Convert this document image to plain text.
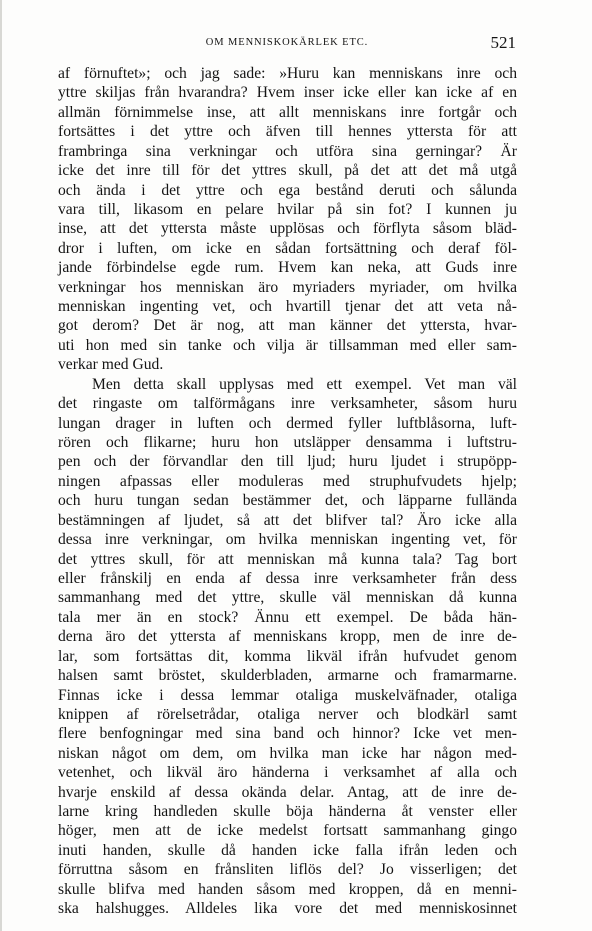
OM MENNISKOKÄRLEK ETC.	521
af förnuftet»; och jag sade: »Huru kan menniskans inre och
yttre skiljas från hvarandra? Hvem inser icke eller kan icke af en
allmän förnimmelse inse, att allt menniskans inre fortgår och
fortsättes i det yttre och äfven till hennes yttersta för att
frambringa sina verkningar och utföra sina gerningar? Är
icke det inre till för det yttres skull, på det att det må utgå
och ända i det yttre och ega bestånd deruti och sålunda
vara till, likasom en pelare hvilar på sin fot? I kunnen ju
inse, att det yttersta måste upplösas och förflyta såsom bläd-
dror i luften, om icke en sådan fortsättning och deraf föl-
jande förbindelse egde rum. Hvem kan neka, att Guds inre
verkningar hos menniskan äro myriaders myriader, om hvilka
menniskan ingenting vet, och hvartill tjenar det att veta nå-
got derom? Det är nog, att man känner det yttersta, hvar-
uti hon med sin tanke och vilja är tillsamman med eller sam-
verkar med Gud.
Men detta skall upplysas med ett exempel. Vet man väl
det ringaste om talförmågans inre verksamheter, såsom huru
lungan drager in luften och dermed fyller luftblåsorna, luft-
rören och flikarne; huru hon utsläpper densamma i luftstru-
pen och der förvandlar den till ljud; huru ljudet i strupöpp-
ningen afpassas eller moduleras med struphufvudets hjelp;
och huru tungan sedan bestämmer det, och läpparne fullända
bestämningen af ljudet, så att det blifver tal? Äro icke alla
dessa inre verkningar, om hvilka menniskan ingenting vet, för
det yttres skull, för att menniskan må kunna tala? Tag bort
eller frånskilj en enda af dessa inre verksamheter från dess
sammanhang med det yttre, skulle väl menniskan då kunna
tala mer än en stock? Ännu ett exempel. De båda hän-
derna äro det yttersta af menniskans kropp, men de inre de-
lar, som fortsättas dit, komma likväl ifrån hufvudet genom
halsen samt bröstet, skulderbladen, armarne och framarmarne.
Finnas icke i dessa lemmar otaliga muskelväfnader, otaliga
knippen af rörelsetrådar, otaliga nerver och blodkärl samt
flere benfogningar med sina band och hinnor? Icke vet men-
niskan något om dem, om hvilka man icke har någon med-
vetenhet, och likväl äro händerna i verksamhet af alla och
hvarje enskild af dessa okända delar. Antag, att de inre de-
larne kring handleden skulle böja händerna åt venster eller
höger, men att de icke medelst fortsatt sammanhang gingo
inuti handen, skulle då handen icke falla ifrån leden och
förruttna såsom en frånsliten liflös del? Jo visserligen; det
skulle blifva med handen såsom med kroppen, då en menni-
ska halshugges. Alldeles lika vore det med menniskosinnet
